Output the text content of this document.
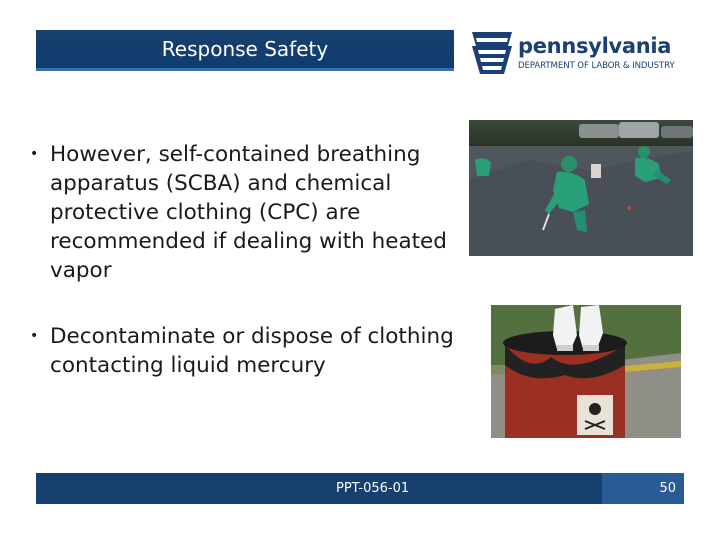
Response Safety	pennsylvania
DEPARTMENT OF LABOR & INDUSTRY
• However, self-contained breathing apparatus (SCBA) and chemical protective clothing (CPC) are recommended if dealing with heated vapor
• Decontaminate or dispose of clothing contacting liquid mercury
PPT-056-01	50
